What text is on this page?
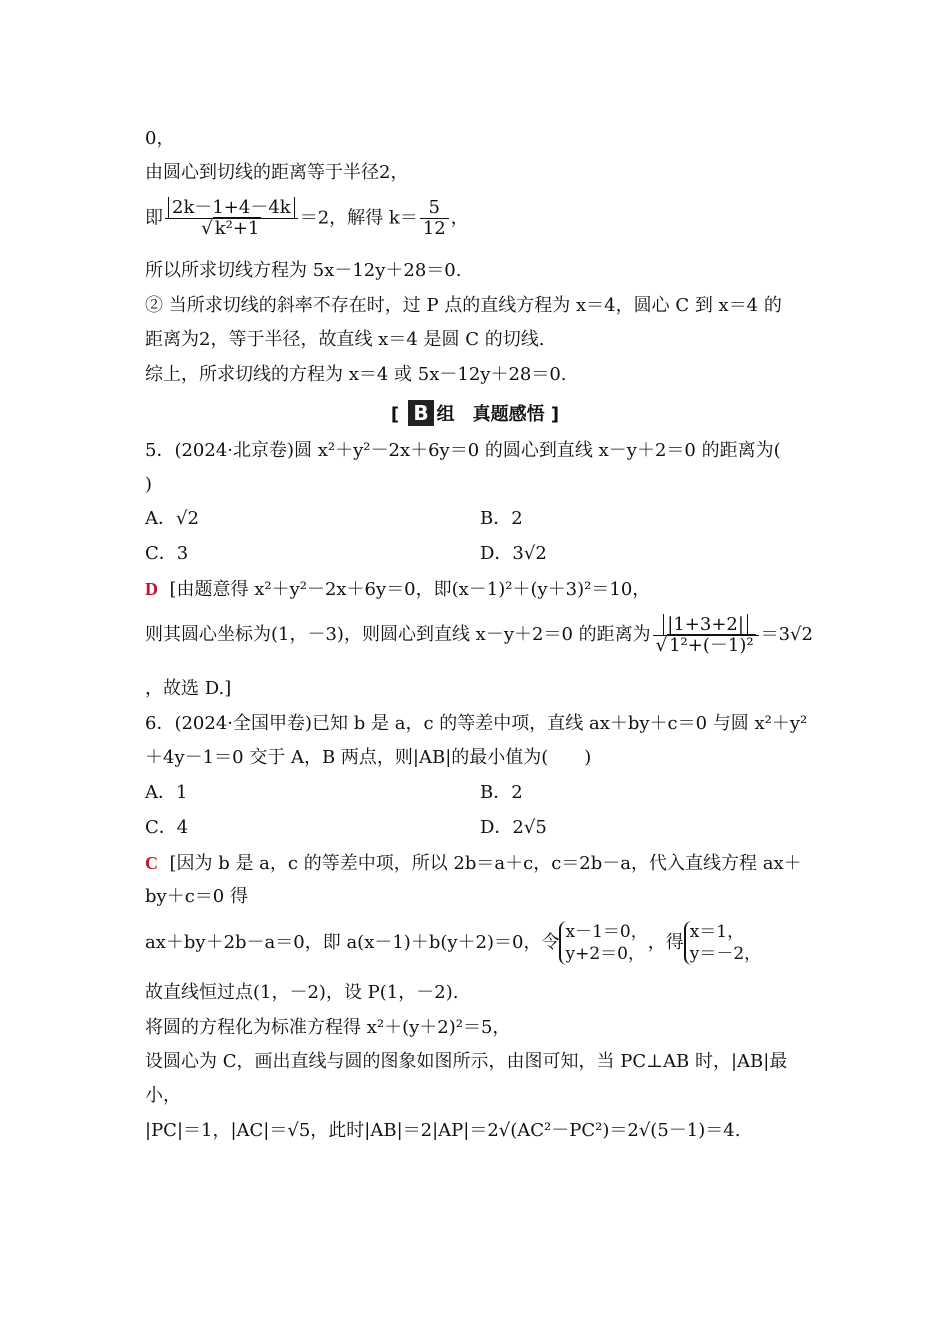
0，
由圆心到切线的距离等于半径2，
即 $\frac{2k-1+4-4k}{\text{√ k²+1}} =2$，解得 $k= \frac{5}{12}$ ，
所以所求切线方程为 5x－12y＋28＝0.
② 当所求切线的斜率不存在时，过 P 点的直线方程为 x＝4，圆心 C 到 x＝4 的
距离为2，等于半径，故直线 x＝4 是圆 C 的切线.
综上，所求切线的方程为 x＝4 或 5x－12y＋28＝0.
[ B 组　真题感悟 ]
5．(2024·北京卷)圆 x²＋y²－2x＋6y＝0 的圆心到直线 x－y＋2＝0 的距离为(
)
A．√2	B．2
C．3	D．3√2
D [由题意得 x²＋y²－2x＋6y＝0，即(x－1)²＋(y＋3)²＝10，
则其圆心坐标为(1，－3)，则圆心到直线 x－y＋2＝0 的距离为 $\frac{|1+3+2|}{\text{√ 1²+(－1)²}} =3√2$
，故选 D.]
6．(2024·全国甲卷)已知 b 是 a，c 的等差中项，直线 ax＋by＋c＝0 与圆 x²＋y²
＋4y－1＝0 交于 A，B 两点，则|AB|的最小值为(　　)
A．1	B．2
C．4	D．2√5
C [因为 b 是 a，c 的等差中项，所以 2b＝a＋c，c＝2b－a，代入直线方程 ax＋
by＋c＝0 得
ax＋by＋2b－a＝0，即 a(x－1)＋b(y＋2)＝0，令 x－1＝0，
y+2＝0，
，得 x＝1，
y＝－2，
故直线恒过点(1，－2)，设 P(1，－2).
将圆的方程化为标准方程得 x²＋(y＋2)²＝5，
设圆心为 C，画出直线与圆的图象如图所示，由图可知，当 PC⊥AB 时，|AB|最
小，
|PC|＝1，|AC|＝√5，此时|AB|＝2|AP|＝2√(AC²－PC²)＝2√(5－1)＝4.
